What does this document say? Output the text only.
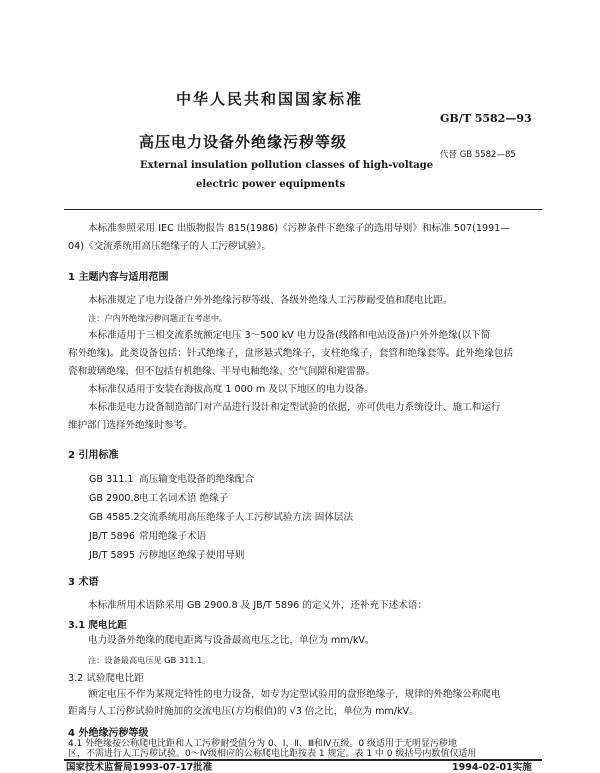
中华人民共和国国家标准
GB/T 5582—93
高压电力设备外绝缘污秽等级
代替 GB 5582—85
External insulation pollution classes of high-voltage
electric power equipments
本标准参照采用 IEC 出版物报告 815(1986)《污秽条件下绝缘子的选用导则》和标准 507(1991—
04)《交流系统用高压绝缘子的人工污秽试验》。
1 主题内容与适用范围
本标准规定了电力设备户外外绝缘污秽等级、各级外绝缘人工污秽耐受值和爬电比距。
注：户内外绝缘污秽问题正在考虑中。
本标准适用于三相交流系统额定电压 3～500 kV 电力设备(线路和电站设备)户外外绝缘(以下简
称外绝缘)。此类设备包括：针式绝缘子，盘形悬式绝缘子，支柱绝缘子，套管和绝缘套等。此外绝缘包括
瓷和玻璃绝缘，但不包括有机绝缘、半导电釉绝缘、空气间隙和避雷器。
本标准仅适用于安装在海拔高度 1 000 m 及以下地区的电力设备。
本标准是电力设备制造部门对产品进行设计和定型试验的依据，亦可供电力系统设计、施工和运行
维护部门选择外绝缘时参考。
2 引用标准
GB 311.1 高压输变电设备的绝缘配合
GB 2900.8电工名词术语 绝缘子
GB 4585.2交流系统用高压绝缘子人工污秽试验方法 固体层法
JB/T 5896 常用绝缘子术语
JB/T 5895 污秽地区绝缘子使用导则
3 术语
本标准所用术语除采用 GB 2900.8 及 JB/T 5896 的定义外，还补充下述术语：
3.1 爬电比距
电力设备外绝缘的爬电距离与设备最高电压之比，单位为 mm/kV。
注：设备最高电压见 GB 311.1。
3.2 试验爬电比距
额定电压不作为某规定特性的电力设备，如专为定型试验用的盘形绝缘子，规律的外绝缘公称爬电
距离与人工污秽试验时施加的交流电压(方均根值)的 √3 倍之比，单位为 mm/kV。
4 外绝缘污秽等级
4.1 外绝缘按公称爬电比距和人工污秽耐受值分为 0、Ⅰ、Ⅱ、Ⅲ和Ⅳ五级。0 级适用于无明显污秽地
区，不需进行人工污秽试验。0～Ⅳ级相应的公称爬电比距按表 1 规定。表 1 中 0 级括号内数值仅适用
国家技术监督局1993-07-17批准	1994-02-01实施
